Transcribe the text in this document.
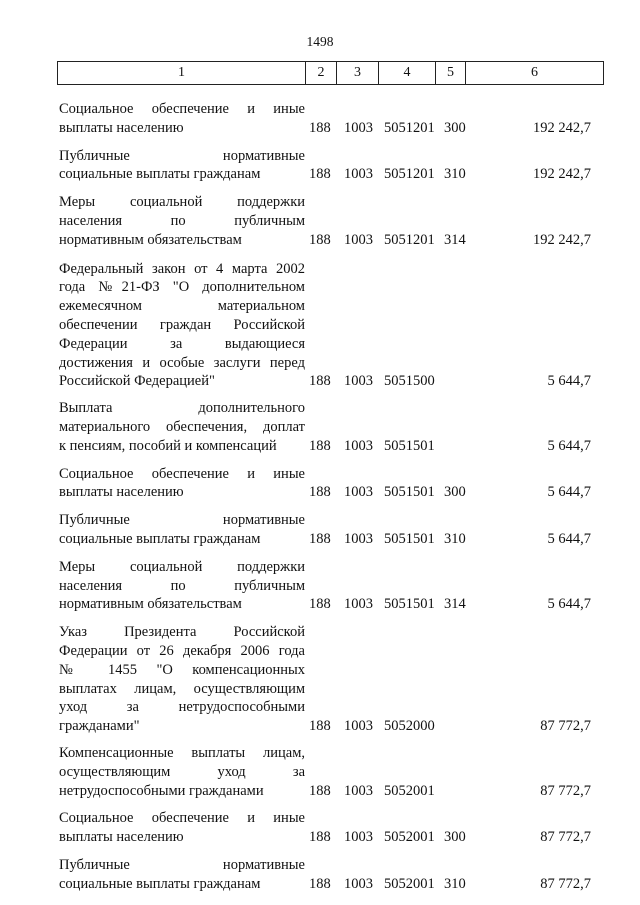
1498
1	2	3	4	5	6
Социальное обеспечение и иные
выплаты населению	188 1003 5051201 300	192 242,7
Публичные нормативные
социальные выплаты гражданам	188 1003 5051201 310	192 242,7
Меры социальной поддержки
населения по публичным
нормативным обязательствам	188 1003 5051201 314	192 242,7
Федеральный закон от 4 марта 2002
года №21-ФЗ "О дополнительном
ежемесячном материальном
обеспечении граждан Российской
Федерации за выдающиеся
достижения и особые заслуги перед
Российской Федерацией"	188 1003 5051500	5 644,7
Выплата дополнительного
материального обеспечения, доплат
к пенсиям, пособий и компенсаций	188 1003 5051501	5 644,7
Социальное обеспечение и иные
выплаты населению	188 1003 5051501 300	5 644,7
Публичные нормативные
социальные выплаты гражданам	188 1003 5051501 310	5 644,7
Меры социальной поддержки
населения по публичным
нормативным обязательствам	188 1003 5051501 314	5 644,7
Указ Президента Российской
Федерации от 26 декабря 2006 года
№ 1455 "О компенсационных
выплатах лицам, осуществляющим
уход за нетрудоспособными
гражданами"	188 1003 5052000	87 772,7
Компенсационные выплаты лицам,
осуществляющим уход за
нетрудоспособными гражданами	188 1003 5052001	87 772,7
Социальное обеспечение и иные
выплаты населению	188 1003 5052001 300	87 772,7
Публичные нормативные
социальные выплаты гражданам	188 1003 5052001 310	87 772,7
